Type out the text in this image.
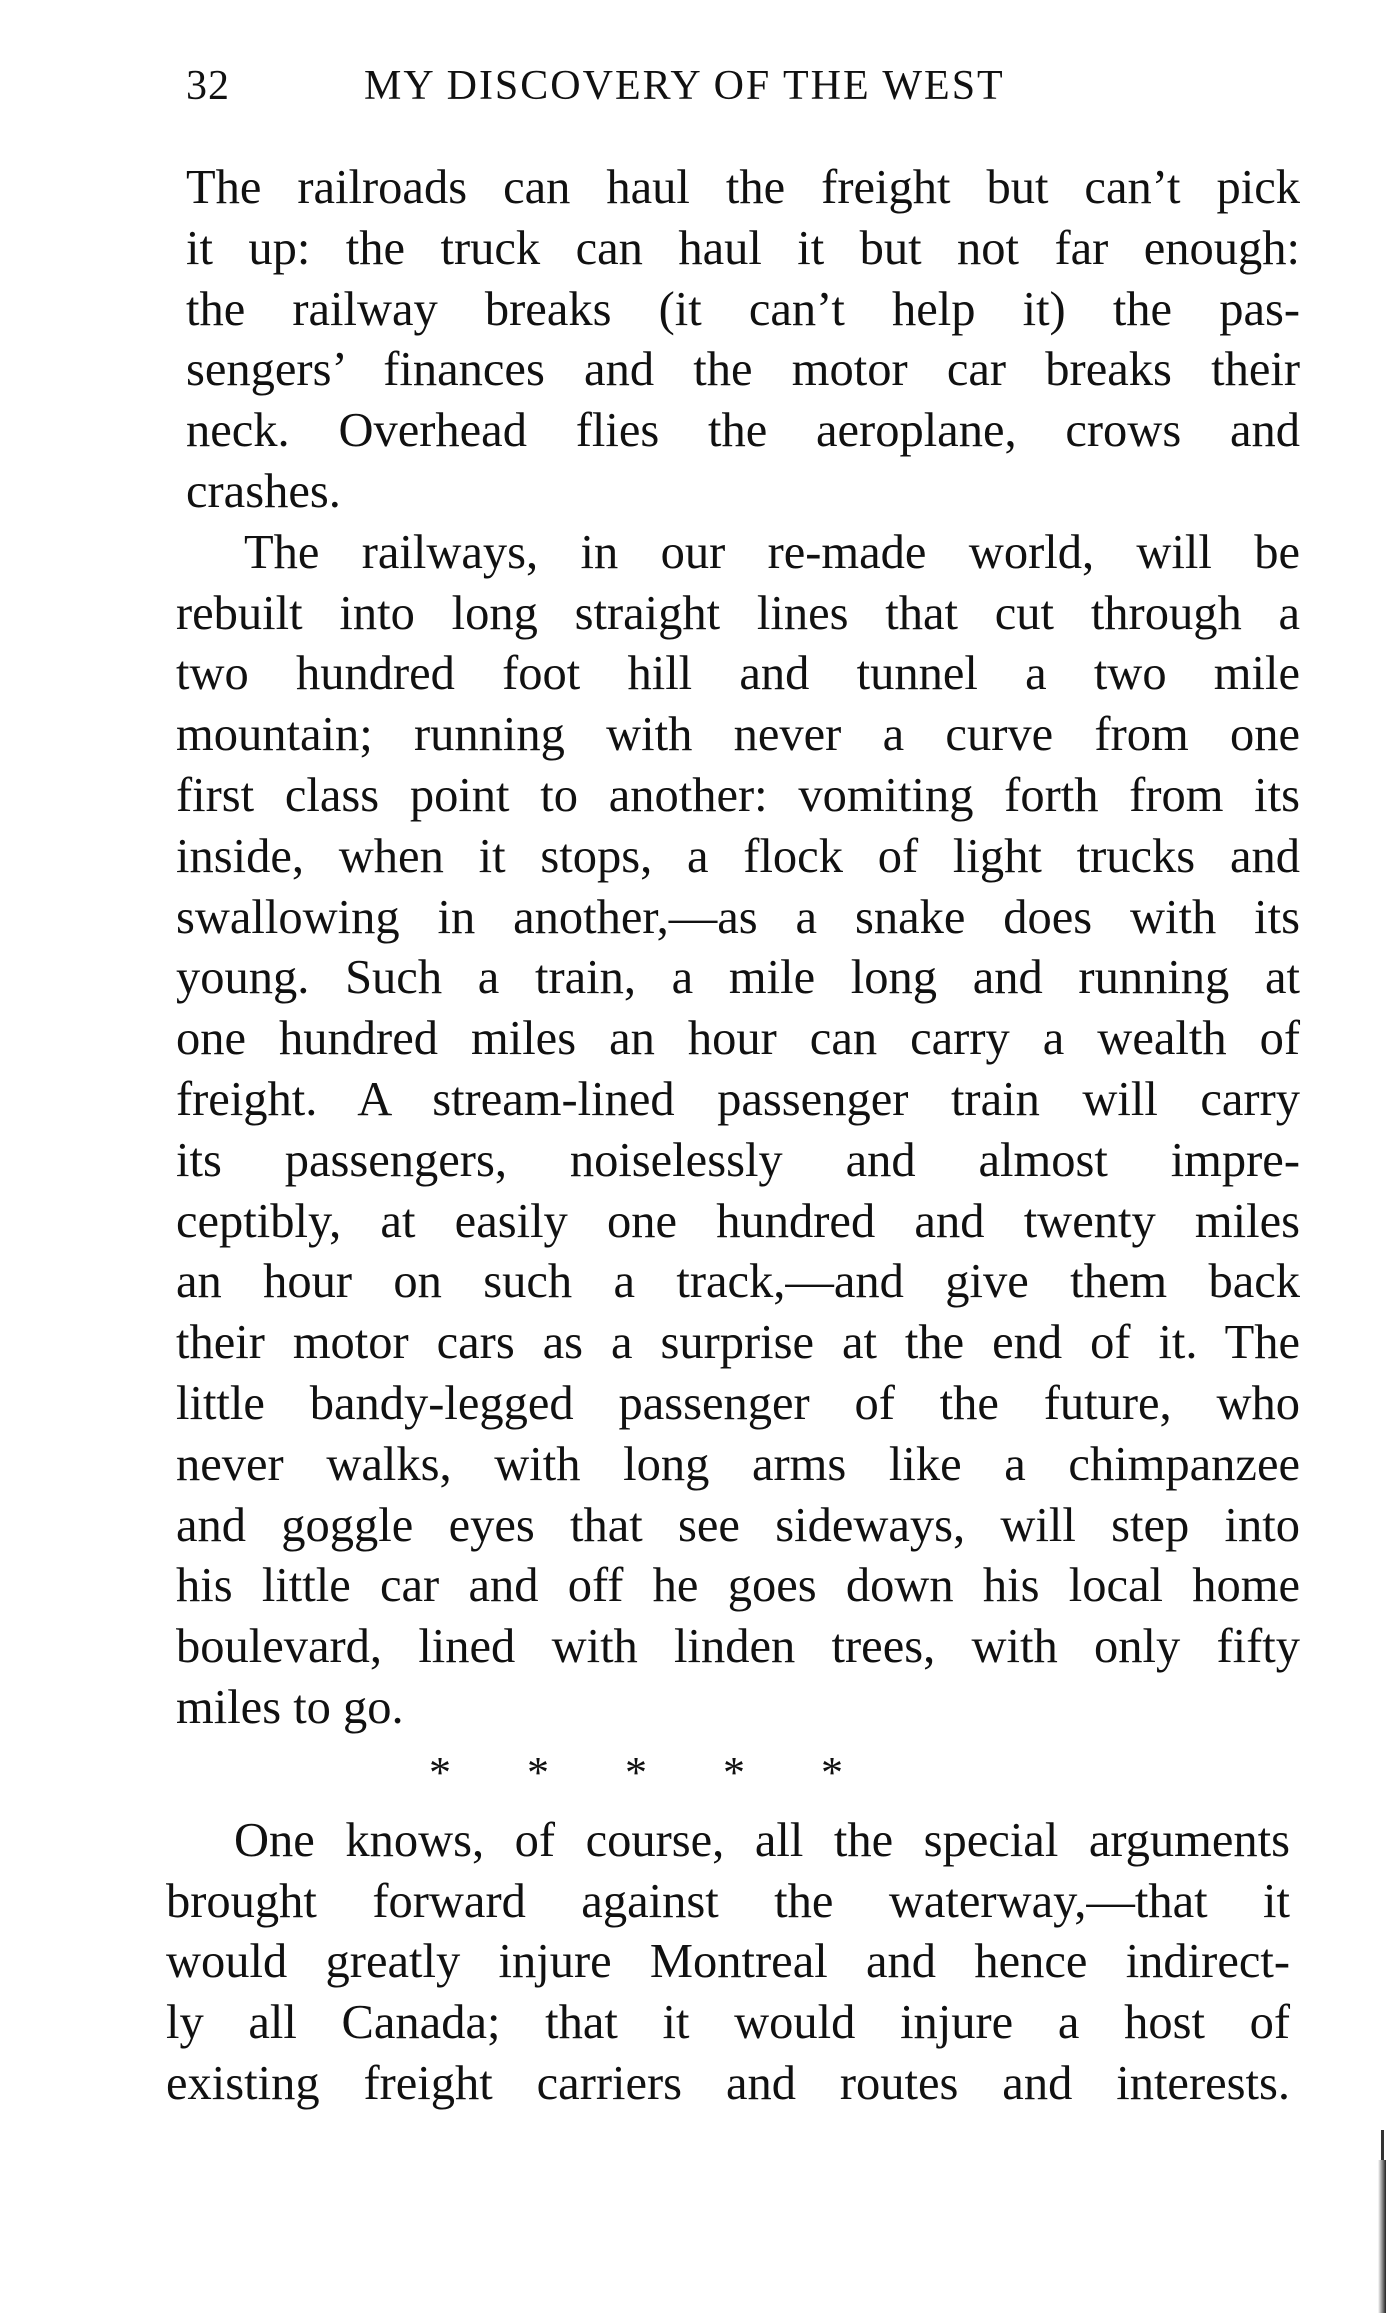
32	MY DISCOVERY OF THE WEST
The railroads can haul the freight but can’t pick
it up: the truck can haul it but not far enough:
the railway breaks (it can’t help it) the pas-
sengers’ finances and the motor car breaks their
neck. Overhead flies the aeroplane, crows and
crashes.
The railways, in our re-made world, will be
rebuilt into long straight lines that cut through a
two hundred foot hill and tunnel a two mile
mountain; running with never a curve from one
first class point to another: vomiting forth from its
inside, when it stops, a flock of light trucks and
swallowing in another,—as a snake does with its
young. Such a train, a mile long and running at
one hundred miles an hour can carry a wealth of
freight. A stream-lined passenger train will carry
its passengers, noiselessly and almost impre-
ceptibly, at easily one hundred and twenty miles
an hour on such a track,—and give them back
their motor cars as a surprise at the end of it. The
little bandy-legged passenger of the future, who
never walks, with long arms like a chimpanzee
and goggle eyes that see sideways, will step into
his little car and off he goes down his local home
boulevard, lined with linden trees, with only fifty
miles to go.
* * * * *
One knows, of course, all the special arguments
brought forward against the waterway,—that it
would greatly injure Montreal and hence indirect-
ly all Canada; that it would injure a host of
existing freight carriers and routes and interests.
